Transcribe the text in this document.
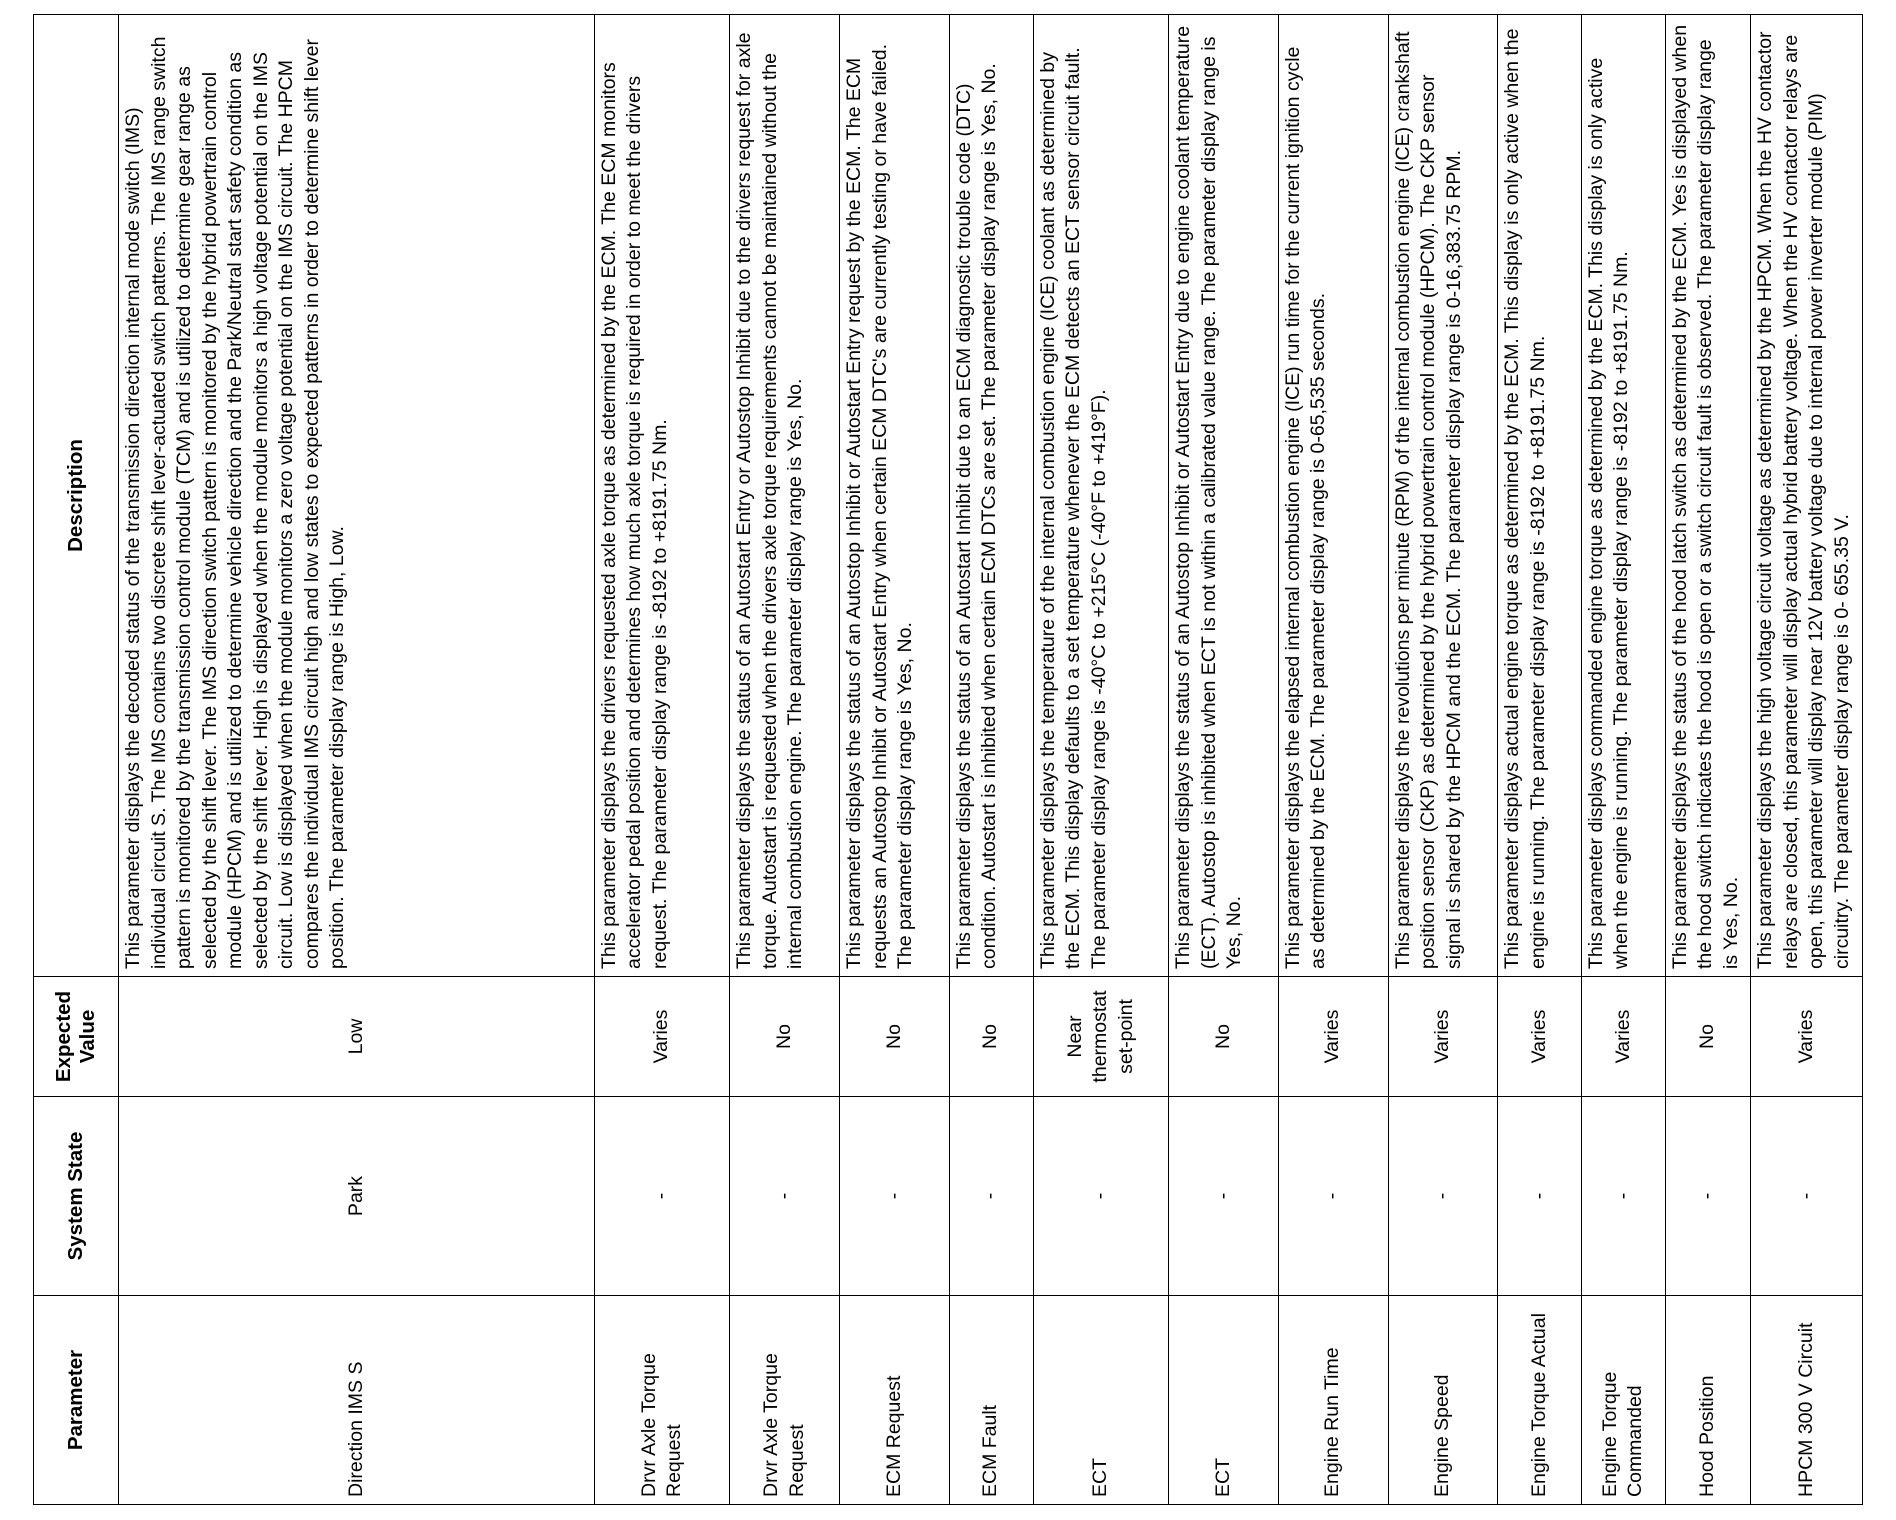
Parameter	System State	Expected Value	Description
Direction IMS S	Park	Low	This parameter displays the decoded status of the transmission direction internal mode switch (IMS) individual circuit S. The IMS contains two discrete shift lever-actuated switch patterns. The IMS range switch pattern is monitored by the transmission control module (TCM) and is utilized to determine gear range as selected by the shift lever. The IMS direction switch pattern is monitored by the hybrid powertrain control module (HPCM) and is utilized to determine vehicle direction and the Park/Neutral start safety condition as selected by the shift lever. High is displayed when the module monitors a high voltage potential on the IMS circuit. Low is displayed when the module monitors a zero voltage potential on the IMS circuit. The HPCM compares the individual IMS circuit high and low states to expected patterns in order to determine shift lever position. The parameter display range is High, Low.
Drvr Axle Torque Request	-	Varies	This parameter displays the drivers requested axle torque as determined by the ECM. The ECM monitors accelerator pedal position and determines how much axle torque is required in order to meet the drivers request. The parameter display range is -8192 to +8191.75 Nm.
Drvr Axle Torque Request	-	No	This parameter displays the status of an Autostart Entry or Autostop Inhibit due to the drivers request for axle torque. Autostart is requested when the drivers axle torque requirements cannot be maintained without the internal combustion engine. The parameter display range is Yes, No.
ECM Request	-	No	This parameter displays the status of an Autostop Inhibit or Autostart Entry request by the ECM. The ECM requests an Autostop Inhibit or Autostart Entry when certain ECM DTC's are currently testing or have failed. The parameter display range is Yes, No.
ECM Fault	-	No	This parameter displays the status of an Autostart Inhibit due to an ECM diagnostic trouble code (DTC) condition. Autostart is inhibited when certain ECM DTCs are set. The parameter display range is Yes, No.
ECT	-	Near thermostat set-point	This parameter displays the temperature of the internal combustion engine (ICE) coolant as determined by the ECM. This display defaults to a set temperature whenever the ECM detects an ECT sensor circuit fault. The parameter display range is -40°C to +215°C (-40°F to +419°F).
ECT	-	No	This parameter displays the status of an Autostop Inhibit or Autostart Entry due to engine coolant temperature (ECT). Autostop is inhibited when ECT is not within a calibrated value range. The parameter display range is Yes, No.
Engine Run Time	-	Varies	This parameter displays the elapsed internal combustion engine (ICE) run time for the current ignition cycle as determined by the ECM. The parameter display range is 0-65,535 seconds.
Engine Speed	-	Varies	This parameter displays the revolutions per minute (RPM) of the internal combustion engine (ICE) crankshaft position sensor (CKP) as determined by the hybrid powertrain control module (HPCM). The CKP sensor signal is shared by the HPCM and the ECM. The parameter display range is 0-16,383.75 RPM.
Engine Torque Actual	-	Varies	This parameter displays actual engine torque as determined by the ECM. This display is only active when the engine is running. The parameter display range is -8192 to +8191.75 Nm.
Engine Torque Commanded	-	Varies	This parameter displays commanded engine torque as determined by the ECM. This display is only active when the engine is running. The parameter display range is -8192 to +8191.75 Nm.
Hood Position	-	No	This parameter displays the status of the hood latch switch as determined by the ECM. Yes is displayed when the hood switch indicates the hood is open or a switch circuit fault is observed. The parameter display range is Yes, No.
HPCM 300 V Circuit	-	Varies	This parameter displays the high voltage circuit voltage as determined by the HPCM. When the HV contactor relays are closed, this parameter will display actual hybrid battery voltage. When the HV contactor relays are open, this parameter will display near 12V battery voltage due to internal power inverter module (PIM) circuitry. The parameter display range is 0- 655.35 V.
